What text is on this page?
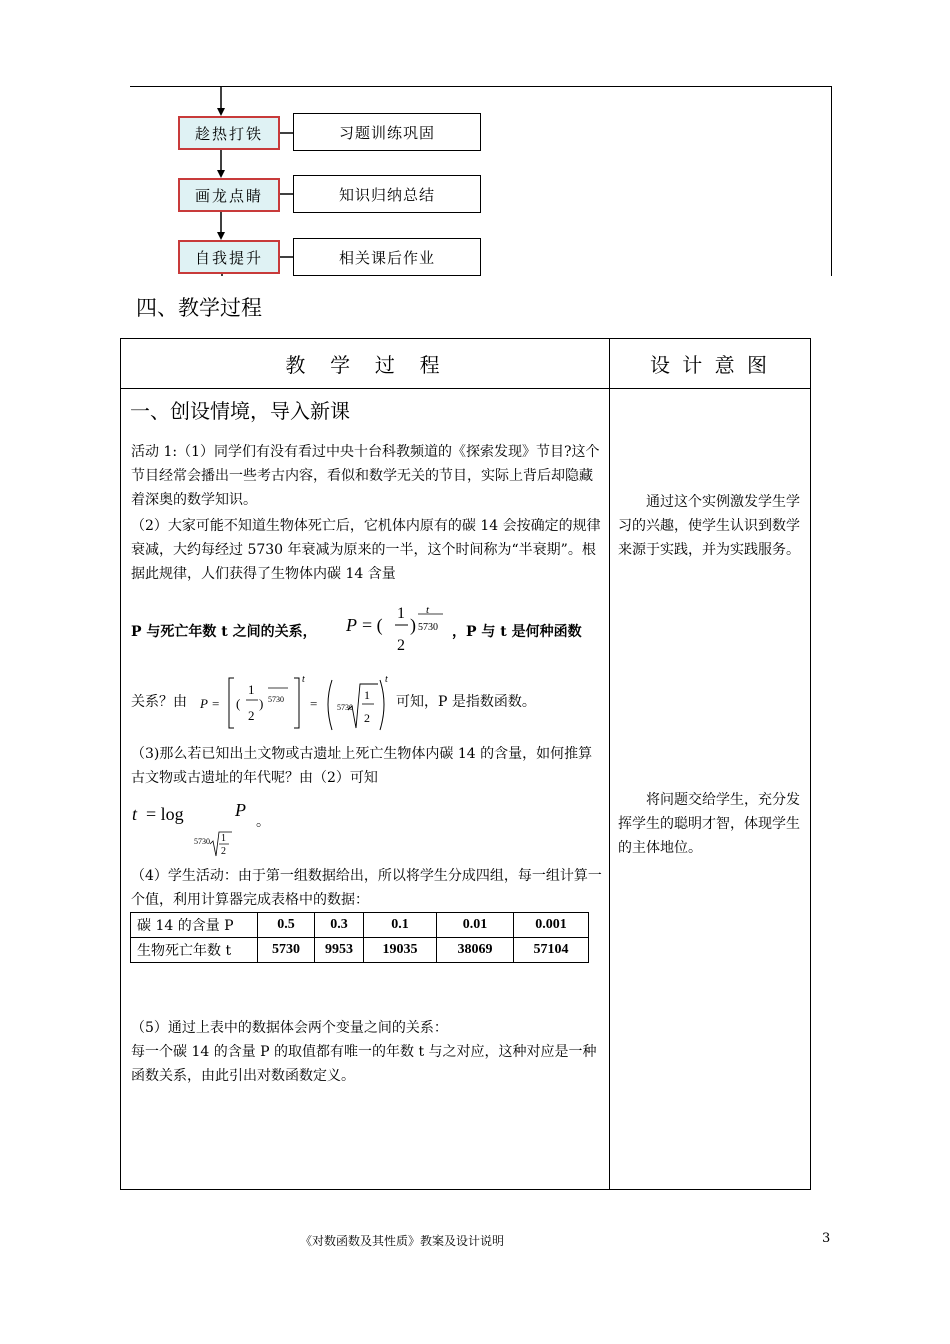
趁热打铁	习题训练巩固
画龙点睛	知识归纳总结
自我提升	相关课后作业
四、教学过程
教  学  过  程	设 计 意 图
一、创设情境，导入新课
活动 1:（1）同学们有没有看过中央十台科教频道的《探索发现》节目?这个节目经常会播出一些考古内容，看似和数学无关的节目，实际上背后却隐藏着深奥的数学知识。
（2）大家可能不知道生物体死亡后，它机体内原有的碳 14 会按确定的规律衰减，大约每经过 5730 年衰减为原来的一半，这个时间称为“半衰期”。根据此规律，人们获得了生物体内碳 14 含量
P 与死亡年数 t 之间的关系， P = (
1
2
)
t
5730 ，P 与 t 是何种函数
关系？由 P = (
1
2
) 5730
t
= 5730
1
2
t
可知，P 是指数函数。
（3)那么若已知出土文物或古遗址上死亡生物体内碳 14 的含量，如何推算古文物或古遗址的年代呢？由（2）可知
t = log
5730 1
2
P
。
（4）学生活动：由于第一组数据给出，所以将学生分成四组，每一组计算一个值，利用计算器完成表格中的数据：
碳 14 的含量 P	0.5	0.3	0.1	0.01	0.001
生物死亡年数 t	5730	9953	19035	38069	57104
（5）通过上表中的数据体会两个变量之间的关系：
每一个碳 14 的含量 P 的取值都有唯一的年数 t 与之对应，这种对应是一种函数关系，由此引出对数函数定义。
通过这个实例激发学生学习的兴趣，使学生认识到数学来源于实践，并为实践服务。
将问题交给学生，充分发挥学生的聪明才智，体现学生的主体地位。
《对数函数及其性质》教案及设计说明	3
